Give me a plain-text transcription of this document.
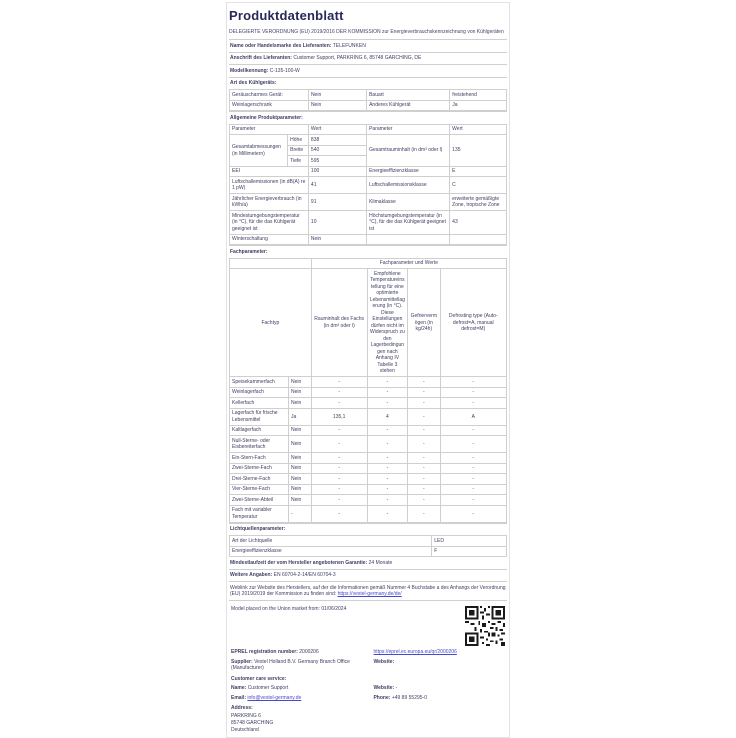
Produktdatenblatt
DELEGIERTE VERORDNUNG (EU) 2019/2016 DER KOMMISSION zur Energieverbrauchskennzeichnung von Kühlgeräten
Name oder Handelsmarke des Lieferanten: TELEFUNKEN
Anschrift des Lieferanten: Customer Support, PARKRING 6, 85748 GARCHING, DE
Modellkennung: C-135-100-W
Art des Kühlgeräts:
Geräuscharmes Gerät:	Nein	Bauart	freistehend
Weinlagerschrank	Nein	Anderes Kühlgerät	Ja
Allgemeine Produktparameter:
Parameter		Wert	Parameter	Wert
Gesamtabmessungen (in Millimetern)	Höhe	838	Gesamtrauminhalt (in dm³ oder l)	135
	Breite	540		
	Tiefe	595		
EEI		100	Energieeffizienzklasse	E
Luftschallemissionen (in dB(A) re 1 pW)		41	Luftschallemissionsklasse	C
Jährlicher Energieverbrauch (in kWh/a)		91	Klimaklasse	erweiterte gemäßigte Zone, tropische Zone
Mindestumgebungstemperatur (in °C), für die das Kühlgerät geeignet ist		10	Höchstumgebungstemperatur (in °C), für die das Kühlgerät geeignet ist	43
Winterschaltung		Nein		
Fachparameter:
		Fachparameter und Werte			
Fachtyp		Rauminhalt des Fachs (in dm³ oder l)	Empfohlene Temperatureinstellung für eine optimierte Lebensmittellagerung (in °C). Diese Einstellungen dürfen nicht im Widerspruch zu den Lagerbedingungen nach Anhang IV Tabelle 3 stehen	Gefriervermögen (in kg/24h)	Defrosting type (Auto-defrost=A, manual defrost=M)
Speisekammerfach	Nein	-	-	-	-
Weinlagerfach	Nein	-	-	-	-
Kellerfach	Nein	-	-	-	-
Lagerfach für frische Lebensmittel	Ja	135,1	4	-	A
Kaltlagerfach	Nein	-	-	-	-
Null-Sterne- oder Eisbereiterfach	Nein	-	-	-	-
Ein-Stern-Fach	Nein	-	-	-	-
Zwei-Sterne-Fach	Nein	-	-	-	-
Drei-Sterne-Fach	Nein	-	-	-	-
Vier-Sterne-Fach	Nein	-	-	-	-
Zwei-Sterne-Abteil	Nein	-	-	-	-
Fach mit variabler Temperatur	-	-	-	-	-
Lichtquellenparameter:
Art der Lichtquelle	LED
Energieeffizienzklasse	F
Mindestlaufzeit der vom Hersteller angebotenen Garantie: 24 Monate
Weitere Angaben: EN 60704-2-14/EN 60704-3
Weblink zur Website des Herstellers, auf der die Informationen gemäß Nummer 4 Buchstabe a des Anhangs der Verordnung (EU) 2019/2019 der Kommission zu finden sind: https://vestel-germany.de/de/
Model placed on the Union market from: 01/06/2024
EPREL registration number: 2000206	https://eprel.ec.europa.eu/qr/2000206
Supplier: Vestel Holland B.V. Germany Branch Office (Manufacturer)
Website:
Customer care service:
Name: Customer Support	Website: -
Email: info@vestel-germany.de	Phone: +49 89 55295-0
Address:
PARKRING 6
85748 GARCHING
Deutschland
